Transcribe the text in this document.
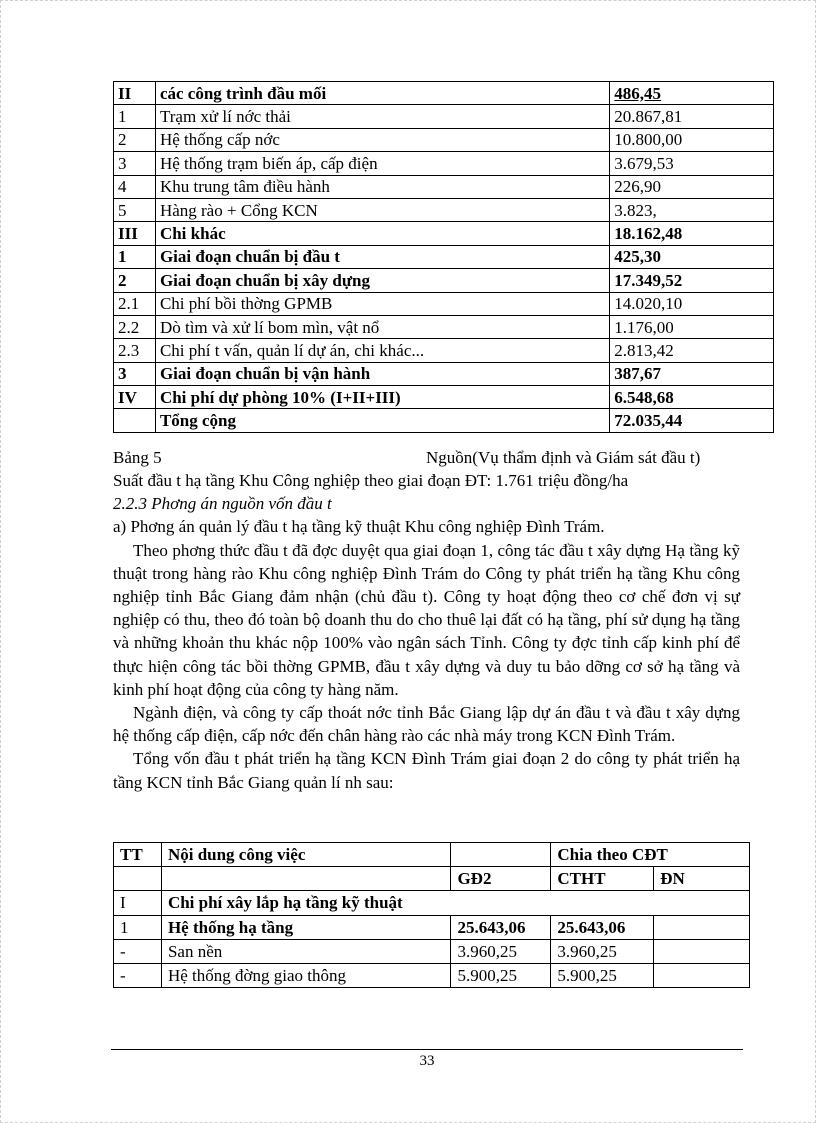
II	các công trình đầu mối	486,45
1	Trạm xử lí nớc thải	20.867,81
2	Hệ thống cấp nớc	10.800,00
3	Hệ thống trạm biến áp, cấp điện	3.679,53
4	Khu trung tâm điều hành	226,90
5	Hàng rào + Cổng KCN	3.823,
III	Chi khác	18.162,48
1	Giai đoạn chuẩn bị đầu t	425,30
2	Giai đoạn chuẩn bị xây dựng	17.349,52
2.1	Chi phí bồi thờng GPMB	14.020,10
2.2	Dò tìm và xử lí bom mìn, vật nổ	1.176,00
2.3	Chi phí t vấn, quản lí dự án, chi khác...	2.813,42
3	Giai đoạn chuẩn bị vận hành	387,67
IV	Chi phí dự phòng 10% (I+II+III)	6.548,68
	Tổng cộng	72.035,44
Bảng 5	Nguồn(Vụ thẩm định và Giám sát đầu t)

Suất đầu t hạ tầng Khu Công nghiệp theo giai đoạn ĐT: 1.761 triệu đồng/ha

2.2.3 Phơng án nguồn vốn đầu t

a) Phơng án quản lý đầu t hạ tầng kỹ thuật Khu công nghiệp Đình Trám.

Theo phơng thức đầu t đã đợc duyệt qua giai đoạn 1, công tác đầu t xây dựng Hạ tầng kỹ thuật trong hàng rào Khu công nghiệp Đình Trám do Công ty phát triển hạ tầng Khu công nghiệp tỉnh Bắc Giang đảm nhận (chủ đầu t). Công ty hoạt động theo cơ chế đơn vị sự nghiệp có thu, theo đó toàn bộ doanh thu do cho thuê lại đất có hạ tầng, phí sử dụng hạ tầng và những khoản thu khác nộp 100% vào ngân sách Tỉnh. Công ty đợc tỉnh cấp kinh phí để thực hiện công tác bồi thờng GPMB, đầu t xây dựng và duy tu bảo dỡng cơ sở hạ tầng và kinh phí hoạt động của công ty hàng năm.

Ngành điện, và công ty cấp thoát nớc tỉnh Bắc Giang lập dự án đầu t và đầu t xây dựng hệ thống cấp điện, cấp nớc đến chân hàng rào các nhà máy trong KCN Đình Trám.

Tổng vốn đầu t phát triển hạ tầng KCN Đình Trám giai đoạn 2 do công ty phát triển hạ tầng KCN tỉnh Bắc Giang quản lí nh sau:

TT	Nội dung công việc		Chia theo CĐT	
		GĐ2	CTHT	ĐN
I	Chi phí xây lắp hạ tầng kỹ thuật			
1	Hệ thống hạ tầng	25.643,06	25.643,06	
-	San nền	3.960,25	3.960,25	
-	Hệ thống đờng giao thông	5.900,25	5.900,25	
33
